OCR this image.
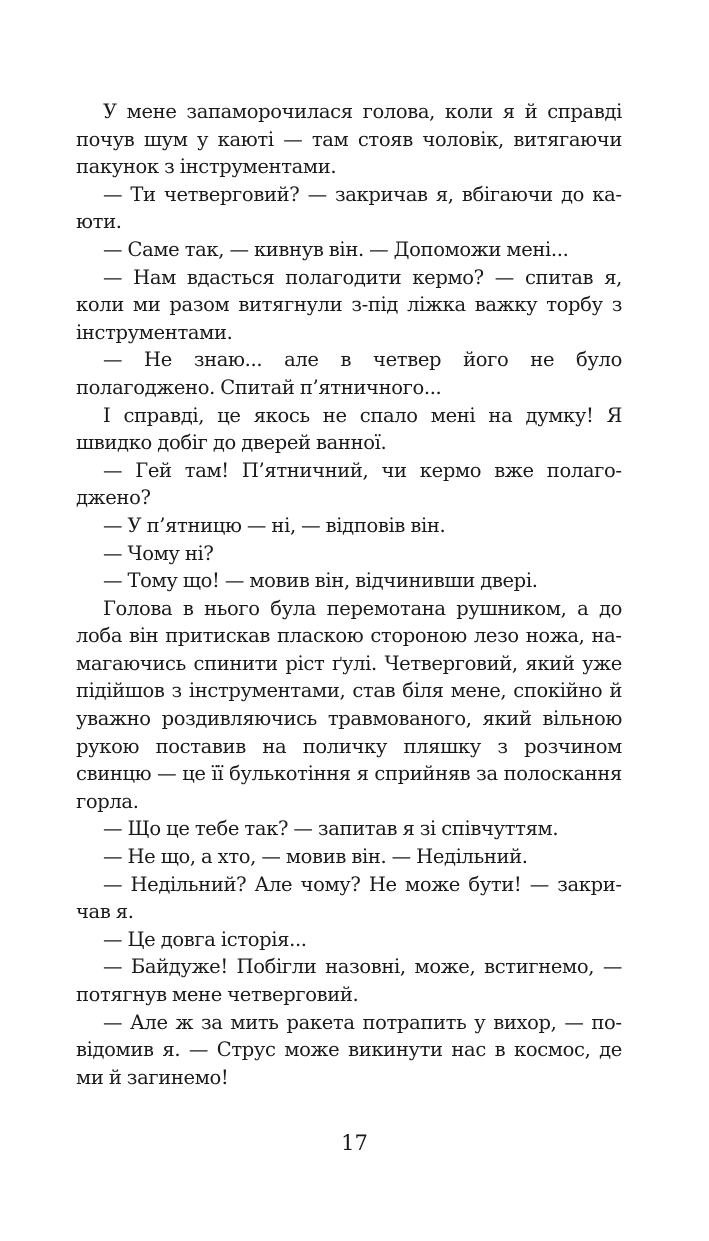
У мене запаморочилася голова, коли я й справді почув шум у каюті — там стояв чоловік, витягаючи пакунок з інструментами.

— Ти четверговий? — закричав я, вбігаючи до каюти.

— Саме так, — кивнув він. — Допоможи мені...

— Нам вдасться полагодити кермо? — спитав я, коли ми разом витягнули з-під ліжка важку торбу з інструментами.

— Не знаю... але в четвер його не було полагоджено. Спитай п’ятничного...

І справді, це якось не спало мені на думку! Я швидко добіг до дверей ванної.

— Гей там! П’ятничний, чи кермо вже полагоджено?

— У п’ятницю — ні, — відповів він.

— Чому ні?

— Тому що! — мовив він, відчинивши двері.

Голова в нього була перемотана рушником, а до лоба він притискав пласкою стороною лезо ножа, намагаючись спинити ріст ґулі. Четверговий, який уже підійшов з інструментами, став біля мене, спокійно й уважно роздивляючись травмованого, який вільною рукою поставив на поличку пляшку з розчином свинцю — це її булькотіння я сприйняв за полоскання горла.

— Що це тебе так? — запитав я зі співчуттям.

— Не що, а хто, — мовив він. — Недільний.

— Недільний? Але чому? Не може бути! — закричав я.

— Це довга історія...

— Байдуже! Побігли назовні, може, встигнемо, — потягнув мене четверговий.

— Але ж за мить ракета потрапить у вихор, — повідомив я. — Струс може викинути нас в космос, де ми й загинемо!

17
